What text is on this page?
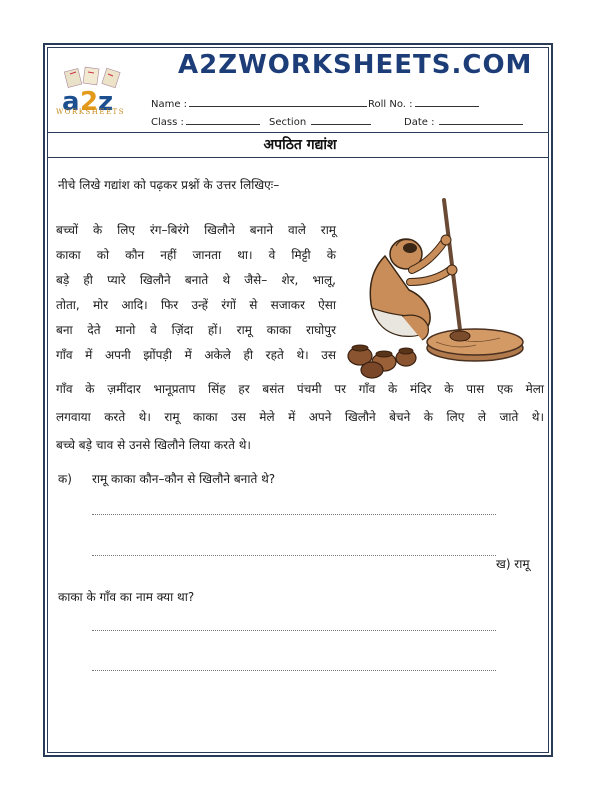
a 2 z
WORKSHEETS
A2ZWORKSHEETS.COM
Name :	Roll No. :
Class :	Section	Date :
अपठित गद्यांश
नीचे लिखे गद्यांश को पढ़कर प्रश्नों के उत्तर लिखिएः–
बच्चों के लिए रंग–बिरंगे खिलौने बनाने वाले रामू
काका को कौन नहीं जानता था। वे मिट्टी के
बड़े ही प्यारे खिलौने बनाते थे जैसे– शेर, भालू,
तोता, मोर आदि। फिर उन्हें रंगों से सजाकर ऐसा
बना देते मानो वे ज़िंदा हों। रामू काका राघोपुर
गाँव में अपनी झोंपड़ी में अकेले ही रहते थे। उस
गाँव के ज़मींदार भानूप्रताप सिंह हर बसंत पंचमी पर गाँव के मंदिर के पास एक मेला
लगवाया करते थे। रामू काका उस मेले में अपने खिलौने बेचने के लिए ले जाते थे।
बच्चे बड़े चाव से उनसे खिलौने लिया करते थे।
क) रामू काका कौन–कौन से खिलौने बनाते थे?
ख) रामू
काका के गाँव का नाम क्या था?
